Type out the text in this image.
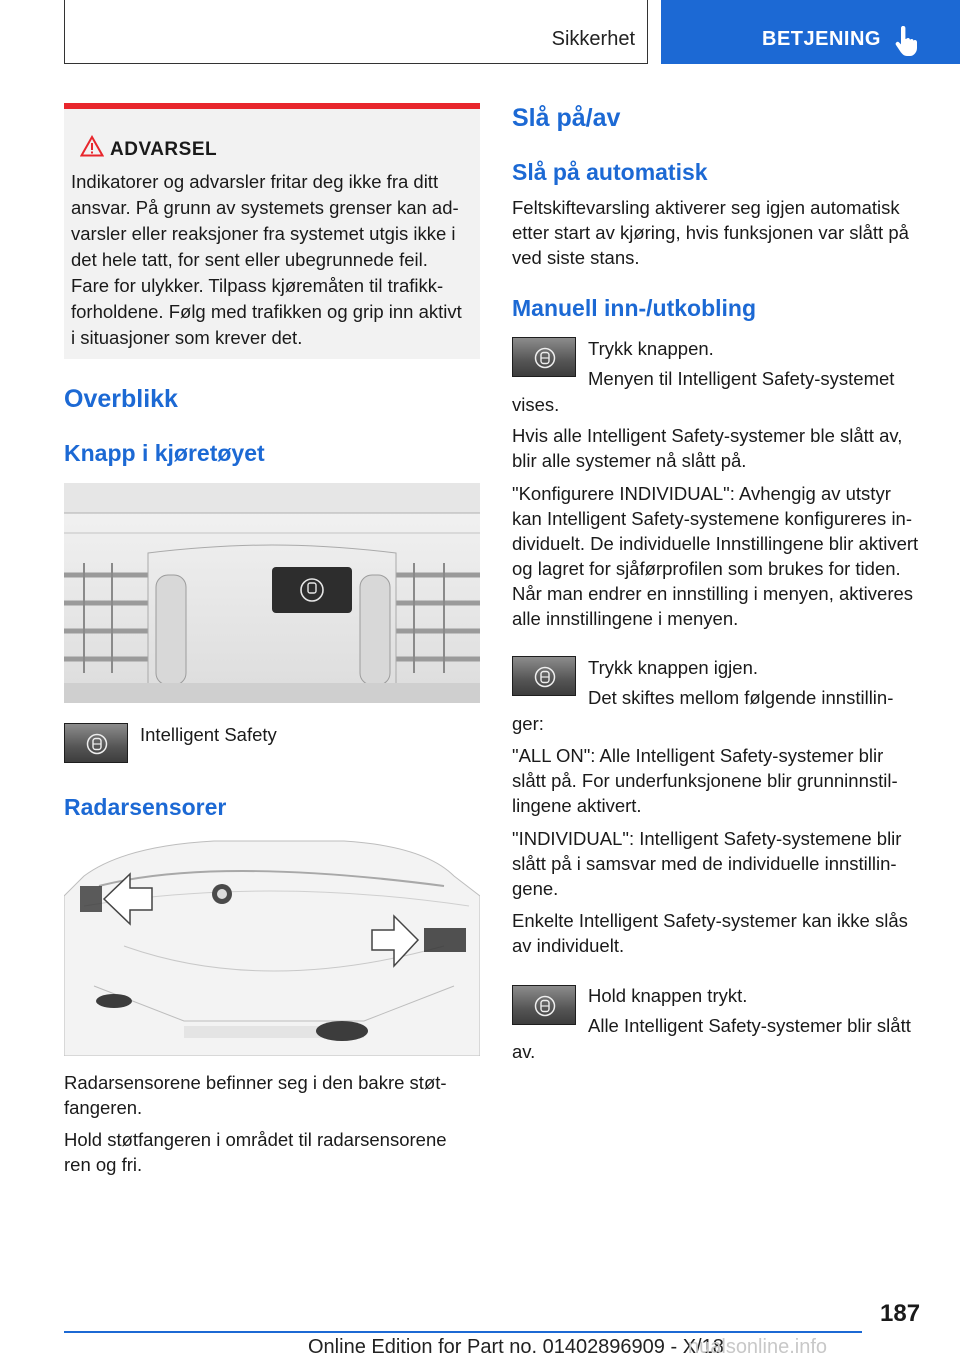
Sikkerhet	BETJENING
ADVARSEL
Indikatorer og advarsler fritar deg ikke fra ditt
ansvar. På grunn av systemets grenser kan ad-
varsler eller reaksjoner fra systemet utgis ikke i
det hele tatt, for sent eller ubegrunnede feil.
Fare for ulykker. Tilpass kjøremåten til trafikk-
forholdene. Følg med trafikken og grip inn aktivt
i situasjoner som krever det.
Overblikk
Knapp i kjøretøyet
Intelligent Safety
Radarsensorer
Radarsensorene befinner seg i den bakre støt-
fangeren.
Hold støtfangeren i området til radarsensorene
ren og fri.
Slå på/av
Slå på automatisk
Feltskiftevarsling aktiverer seg igjen automatisk
etter start av kjøring, hvis funksjonen var slått på
ved siste stans.
Manuell inn-/utkobling
Trykk knappen.
Menyen til Intelligent Safety-systemet
vises.
Hvis alle Intelligent Safety-systemer ble slått av,
blir alle systemer nå slått på.
"Konfigurere INDIVIDUAL": Avhengig av utstyr
kan Intelligent Safety-systemene konfigureres in-
dividuelt. De individuelle Innstillingene blir aktivert
og lagret for sjåførprofilen som brukes for tiden.
Når man endrer en innstilling i menyen, aktiveres
alle innstillingene i menyen.
Trykk knappen igjen.
Det skiftes mellom følgende innstillin-
ger:
"ALL ON": Alle Intelligent Safety-systemer blir
slått på. For underfunksjonene blir grunninnstil-
lingene aktivert.
"INDIVIDUAL": Intelligent Safety-systemene blir
slått på i samsvar med de individuelle innstillin-
gene.
Enkelte Intelligent Safety-systemer kan ikke slås
av individuelt.
Hold knappen trykt.
Alle Intelligent Safety-systemer blir slått
av.
187
Online Edition for Part no. 01402896909 - X/18
nualsonline.info
